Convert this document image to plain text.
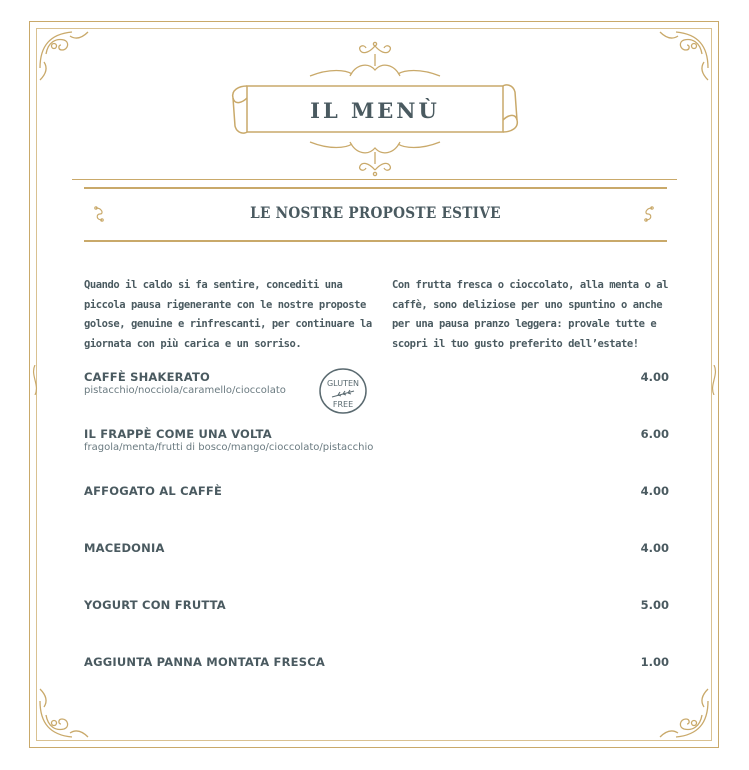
IL MENÙ
LE NOSTRE PROPOSTE ESTIVE
Quando il caldo si fa sentire, concediti una piccola pausa rigenerante con le nostre proposte golose, genuine e rinfrescanti, per continuare la giornata con più carica e un sorriso.
Con frutta fresca o cioccolato, alla menta o al caffè, sono deliziose per uno spuntino o anche per una pausa pranzo leggera: provale tutte e scopri il tuo gusto preferito dell’estate!
CAFFÈ SHAKERATO
pistacchio/nocciola/caramello/cioccolato
4.00
GLUTEN
FREE
IL FRAPPÈ COME UNA VOLTA
fragola/menta/frutti di bosco/mango/cioccolato/pistacchio
6.00
AFFOGATO AL CAFFÈ	4.00
MACEDONIA	4.00
YOGURT CON FRUTTA	5.00
AGGIUNTA PANNA MONTATA FRESCA	1.00
